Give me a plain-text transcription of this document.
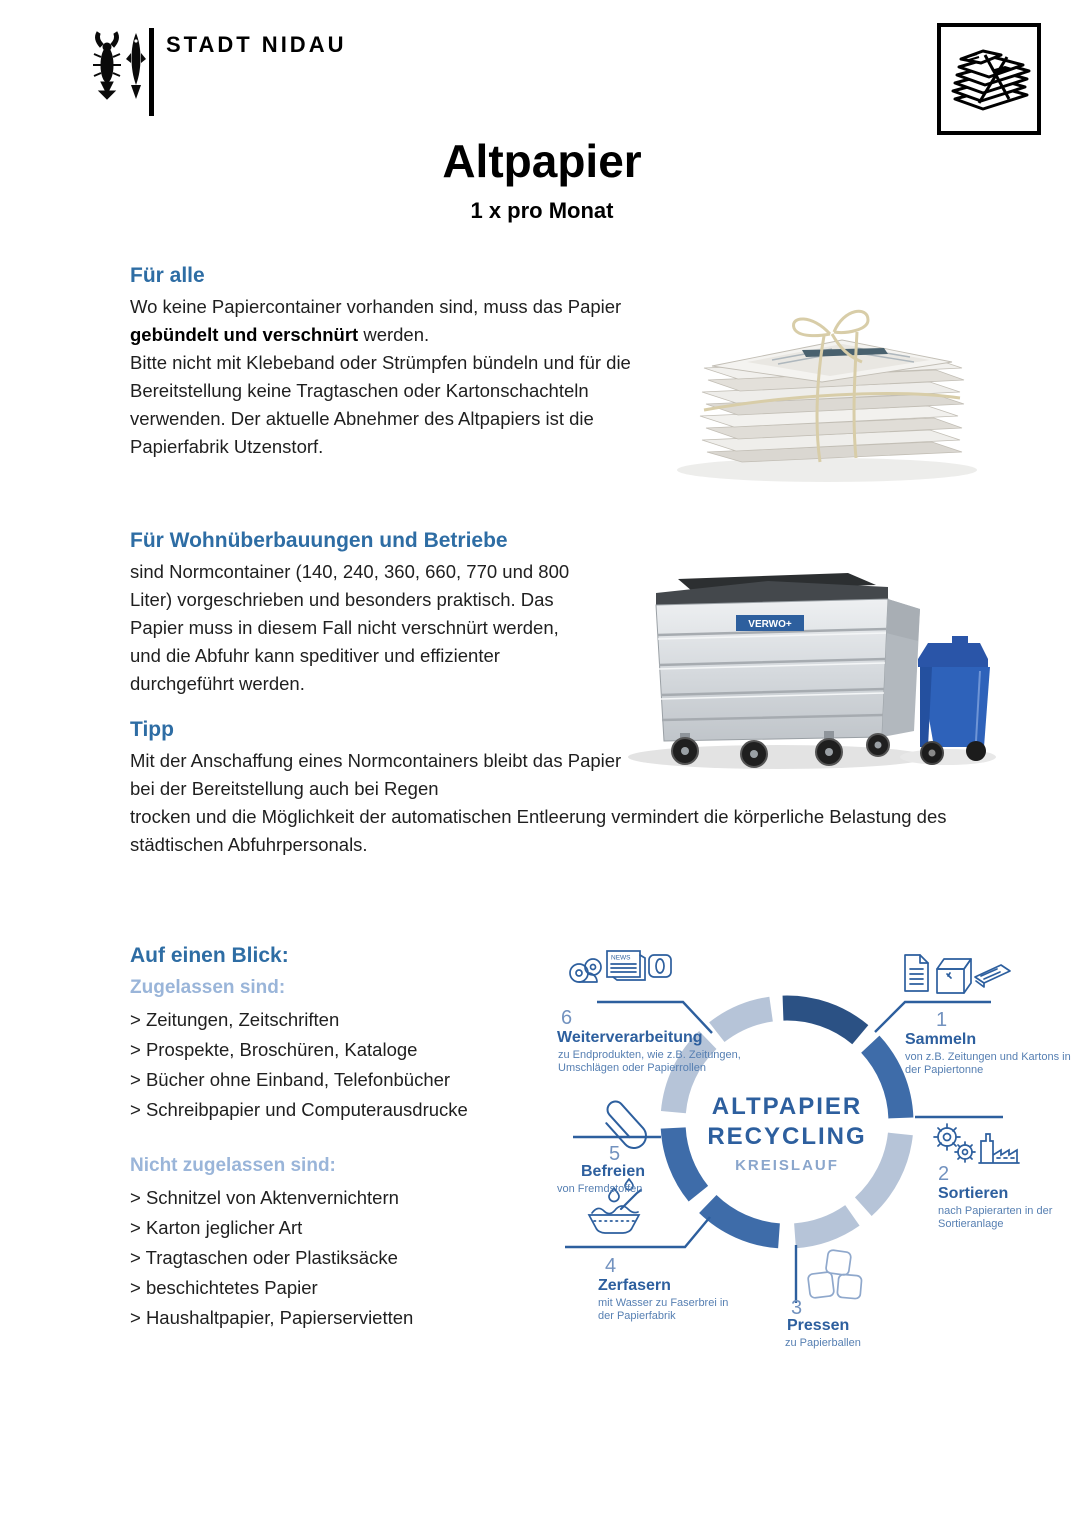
STADT NIDAU
Altpapier
1 x pro Monat
Für alle
Wo keine Papiercontainer vorhanden sind, muss das Papier gebündelt und verschnürt werden.
Bitte nicht mit Klebeband oder Strümpfen bündeln und für die Bereitstellung keine Tragtaschen oder Kartonschachteln verwenden. Der aktuelle Abnehmer des Altpapiers ist die Papierfabrik Utzenstorf.
Für Wohnüberbauungen und Betriebe
sind Normcontainer (140, 240, 360, 660, 770 und 800 Liter) vorgeschrieben und besonders praktisch. Das Papier muss in diesem Fall nicht verschnürt werden, und die Abfuhr kann speditiver und effizienter durchgeführt werden.
VERWO+
Tipp
Mit der Anschaffung eines Normcontainers bleibt das Papier bei der Bereitstellung auch bei Regen
trocken und die Möglichkeit der automatischen Entleerung vermindert die körperliche Belastung des städtischen Abfuhrpersonals.
Auf einen Blick:
Zugelassen sind:
> Zeitungen, Zeitschriften
> Prospekte, Broschüren, Kataloge
> Bücher ohne Einband, Telefonbücher
> Schreibpapier und Computerausdrucke
Nicht zugelassen sind:
> Schnitzel von Aktenvernichtern
> Karton jeglicher Art
> Tragtaschen oder Plastiksäcke
> beschichtetes Papier
> Haushaltpapier, Papierservietten
NEWS
ALTPAPIER
RECYCLING
KREISLAUF
1
Sammeln
von z.B. Zeitungen und Kartons in der Papiertonne
2
Sortieren
nach Papierarten in der Sortieranlage
3
Pressen
zu Papierballen
4
Zerfasern
mit Wasser zu Faserbrei in der Papierfabrik
5
Befreien
von Fremdstoffen
6
Weiterverarbeitung
zu Endprodukten, wie z.B. Zeitungen, Umschlägen oder Papierrollen
